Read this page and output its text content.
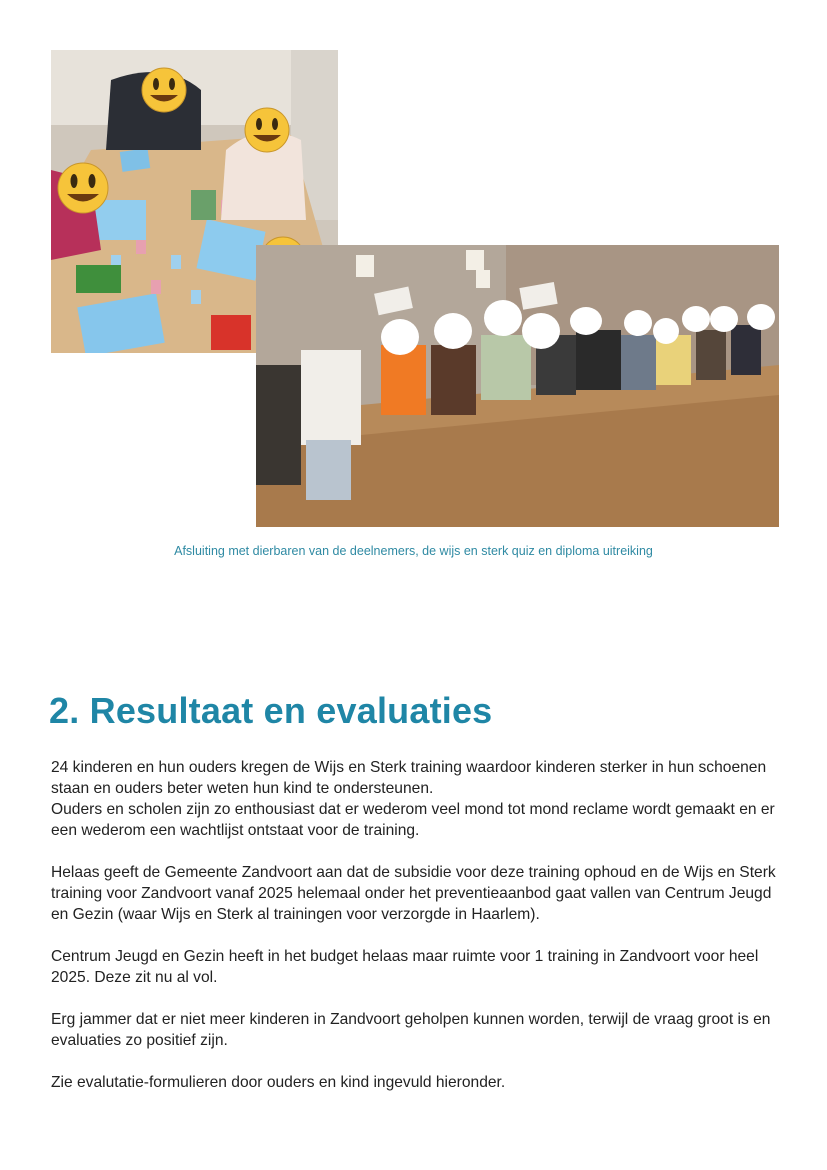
Afsluiting met dierbaren van de deelnemers, de wijs en sterk quiz en diploma uitreiking
2. Resultaat en evaluaties

24 kinderen en hun ouders kregen de Wijs en Sterk training waardoor kinderen sterker in hun schoenen staan en ouders beter weten hun kind te ondersteunen.

Ouders en scholen zijn zo enthousiast dat er wederom veel mond tot mond reclame wordt gemaakt en er een wederom een wachtlijst ontstaat voor de training.

Helaas geeft de Gemeente Zandvoort aan dat de subsidie voor deze training ophoud en de Wijs en Sterk training voor Zandvoort vanaf 2025 helemaal onder het preventieaanbod gaat vallen van Centrum Jeugd en Gezin (waar Wijs en Sterk al trainingen voor verzorgde in Haarlem).

Centrum Jeugd en Gezin heeft in het budget helaas maar ruimte voor 1 training in Zandvoort voor heel 2025. Deze zit nu al vol.

Erg jammer dat er niet meer kinderen in Zandvoort geholpen kunnen worden, terwijl de vraag groot is en evaluaties zo positief zijn.

Zie evalutatie-formulieren door ouders en kind ingevuld hieronder.
